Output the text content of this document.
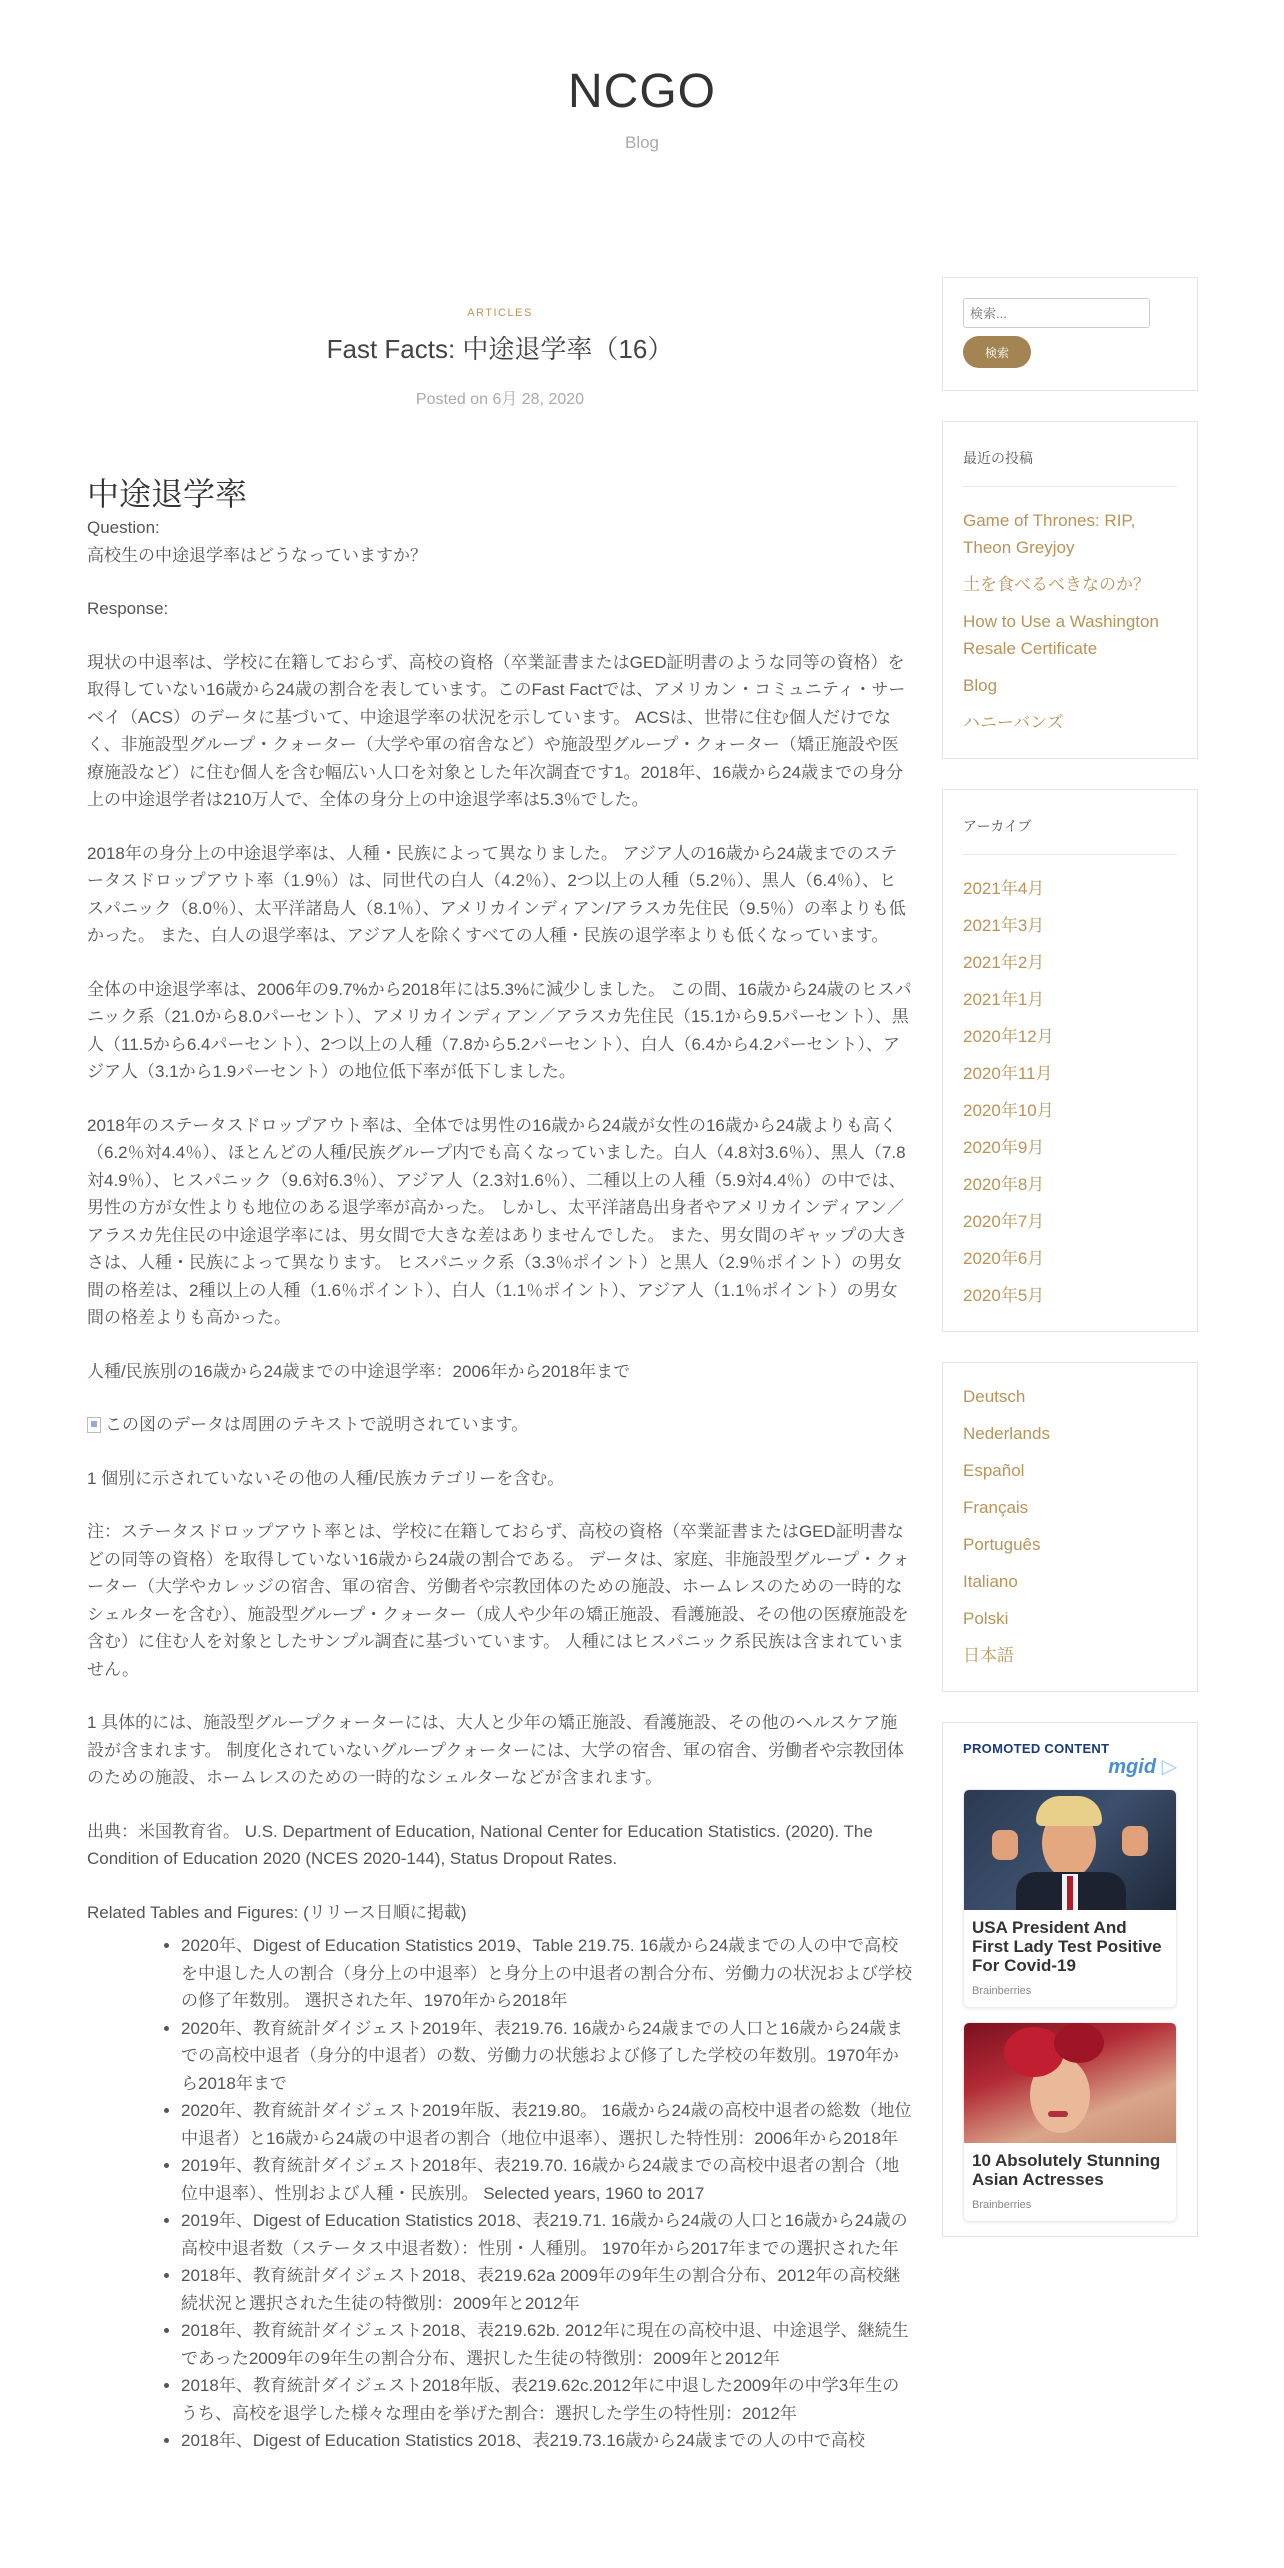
NCGO
Blog
ARTICLES
Fast Facts: 中途退学率（16）
Posted on 6月 28, 2020
中途退学率

Question:

高校生の中途退学率はどうなっていますか？

Response:

現状の中退率は、学校に在籍しておらず、高校の資格（卒業証書またはGED証明書のような同等の資格）を取得していない16歳から24歳の割合を表しています。このFast Factでは、アメリカン・コミュニティ・サーベイ（ACS）のデータに基づいて、中途退学率の状況を示しています。 ACSは、世帯に住む個人だけでなく、非施設型グループ・クォーター（大学や軍の宿舎など）や施設型グループ・クォーター（矯正施設や医療施設など）に住む個人を含む幅広い人口を対象とした年次調査です1。2018年、16歳から24歳までの身分上の中途退学者は210万人で、全体の身分上の中途退学率は5.3％でした。

2018年の身分上の中途退学率は、人種・民族によって異なりました。 アジア人の16歳から24歳までのステータスドロップアウト率（1.9％）は、同世代の白人（4.2％）、2つ以上の人種（5.2％）、黒人（6.4％）、ヒスパニック（8.0％）、太平洋諸島人（8.1％）、アメリカインディアン/アラスカ先住民（9.5％）の率よりも低かった。 また、白人の退学率は、アジア人を除くすべての人種・民族の退学率よりも低くなっています。

全体の中途退学率は、2006年の9.7%から2018年には5.3%に減少しました。 この間、16歳から24歳のヒスパニック系（21.0から8.0パーセント）、アメリカインディアン／アラスカ先住民（15.1から9.5パーセント）、黒人（11.5から6.4パーセント）、2つ以上の人種（7.8から5.2パーセント）、白人（6.4から4.2パーセント）、アジア人（3.1から1.9パーセント）の地位低下率が低下しました。

2018年のステータスドロップアウト率は、全体では男性の16歳から24歳が女性の16歳から24歳よりも高く（6.2％対4.4％）、ほとんどの人種/民族グループ内でも高くなっていました。白人（4.8対3.6％）、黒人（7.8対4.9％）、ヒスパニック（9.6対6.3％）、アジア人（2.3対1.6％）、二種以上の人種（5.9対4.4％）の中では、男性の方が女性よりも地位のある退学率が高かった。 しかし、太平洋諸島出身者やアメリカインディアン／アラスカ先住民の中途退学率には、男女間で大きな差はありませんでした。 また、男女間のギャップの大きさは、人種・民族によって異なります。 ヒスパニック系（3.3％ポイント）と黒人（2.9％ポイント）の男女間の格差は、2種以上の人種（1.6％ポイント）、白人（1.1％ポイント）、アジア人（1.1％ポイント）の男女間の格差よりも高かった。

人種/民族別の16歳から24歳までの中途退学率：2006年から2018年まで

この図のデータは周囲のテキストで説明されています。

1 個別に示されていないその他の人種/民族カテゴリーを含む。

注：ステータスドロップアウト率とは、学校に在籍しておらず、高校の資格（卒業証書またはGED証明書などの同等の資格）を取得していない16歳から24歳の割合である。 データは、家庭、非施設型グループ・クォーター（大学やカレッジの宿舎、軍の宿舎、労働者や宗教団体のための施設、ホームレスのための一時的なシェルターを含む）、施設型グループ・クォーター（成人や少年の矯正施設、看護施設、その他の医療施設を含む）に住む人を対象としたサンプル調査に基づいています。 人種にはヒスパニック系民族は含まれていません。

1 具体的には、施設型グループクォーターには、大人と少年の矯正施設、看護施設、その他のヘルスケア施設が含まれます。 制度化されていないグループクォーターには、大学の宿舎、軍の宿舎、労働者や宗教団体のための施設、ホームレスのための一時的なシェルターなどが含まれます。

出典：米国教育省。 U.S. Department of Education, National Center for Education Statistics. (2020). The Condition of Education 2020 (NCES 2020-144), Status Dropout Rates.

Related Tables and Figures: (リリース日順に掲載)

• 2020年、Digest of Education Statistics 2019、Table 219.75. 16歳から24歳までの人の中で高校を中退した人の割合（身分上の中退率）と身分上の中退者の割合分布、労働力の状況および学校の修了年数別。 選択された年、1970年から2018年
• 2020年、教育統計ダイジェスト2019年、表219.76. 16歳から24歳までの人口と16歳から24歳までの高校中退者（身分的中退者）の数、労働力の状態および修了した学校の年数別。1970年から2018年まで
• 2020年、教育統計ダイジェスト2019年版、表219.80。 16歳から24歳の高校中退者の総数（地位中退者）と16歳から24歳の中退者の割合（地位中退率）、選択した特性別：2006年から2018年
• 2019年、教育統計ダイジェスト2018年、表219.70. 16歳から24歳までの高校中退者の割合（地位中退率）、性別および人種・民族別。 Selected years, 1960 to 2017
• 2019年、Digest of Education Statistics 2018、表219.71. 16歳から24歳の人口と16歳から24歳の高校中退者数（ステータス中退者数）：性別・人種別。 1970年から2017年までの選択された年
• 2018年、教育統計ダイジェスト2018、表219.62a 2009年の9年生の割合分布、2012年の高校継続状況と選択された生徒の特徴別：2009年と2012年
• 2018年、教育統計ダイジェスト2018、表219.62b. 2012年に現在の高校中退、中途退学、継続生であった2009年の9年生の割合分布、選択した生徒の特徴別：2009年と2012年
• 2018年、教育統計ダイジェスト2018年版、表219.62c.2012年に中退した2009年の中学3年生のうち、高校を退学した様々な理由を挙げた割合：選択した学生の特性別：2012年
• 2018年、Digest of Education Statistics 2018、表219.73.16歳から24歳までの人の中で高校
検索...
検索
最近の投稿
Game of Thrones: RIP, Theon Greyjoy
土を食べるべきなのか？
How to Use a Washington Resale Certificate
Blog
ハニーバンズ
アーカイブ
2021年4月
2021年3月
2021年2月
2021年1月
2020年12月
2020年11月
2020年10月
2020年9月
2020年8月
2020年7月
2020年6月
2020年5月
Deutsch
Nederlands
Español
Français
Português
Italiano
Polski
日本語
PROMOTED CONTENT
mgid ▷
USA President And First Lady Test Positive For Covid-19
Brainberries
10 Absolutely Stunning Asian Actresses
Brainberries
